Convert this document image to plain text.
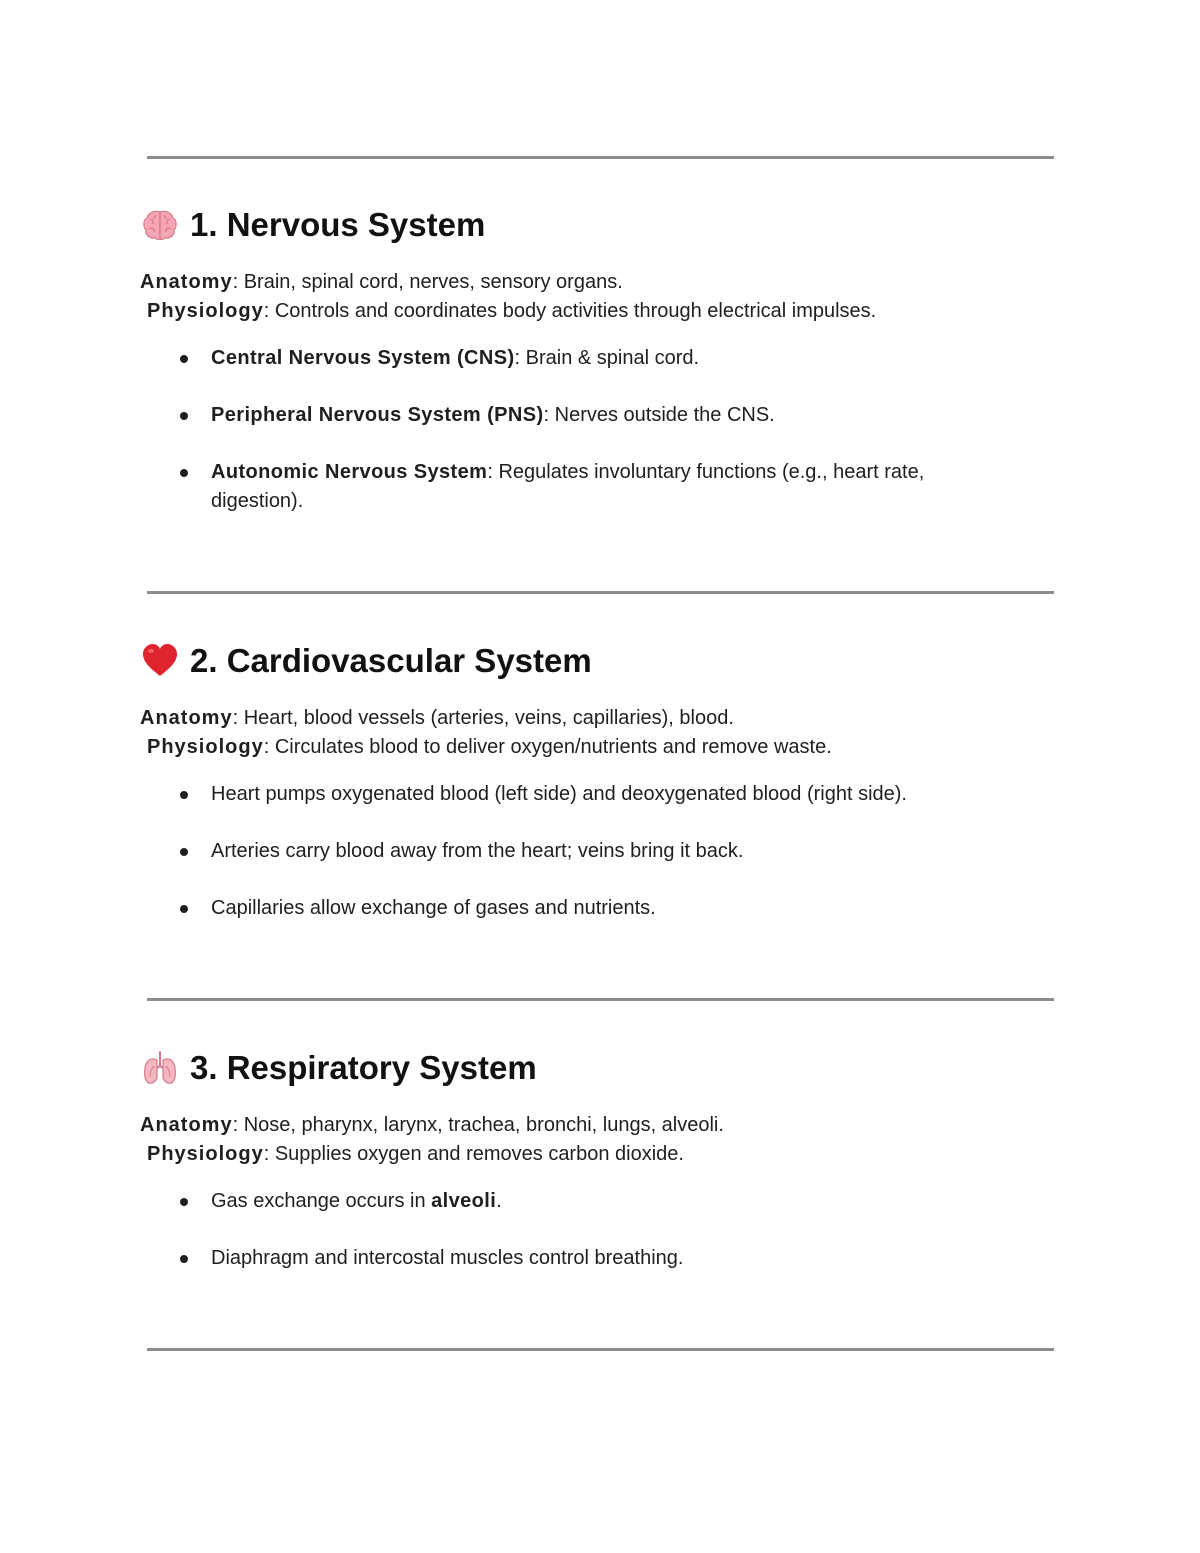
1. Nervous System
Anatomy: Brain, spinal cord, nerves, sensory organs.
Physiology: Controls and coordinates body activities through electrical impulses.
Central Nervous System (CNS): Brain & spinal cord.
Peripheral Nervous System (PNS): Nerves outside the CNS.
Autonomic Nervous System: Regulates involuntary functions (e.g., heart rate, digestion).
2. Cardiovascular System
Anatomy: Heart, blood vessels (arteries, veins, capillaries), blood.
Physiology: Circulates blood to deliver oxygen/nutrients and remove waste.
Heart pumps oxygenated blood (left side) and deoxygenated blood (right side).
Arteries carry blood away from the heart; veins bring it back.
Capillaries allow exchange of gases and nutrients.
3. Respiratory System
Anatomy: Nose, pharynx, larynx, trachea, bronchi, lungs, alveoli.
Physiology: Supplies oxygen and removes carbon dioxide.
Gas exchange occurs in alveoli.
Diaphragm and intercostal muscles control breathing.
